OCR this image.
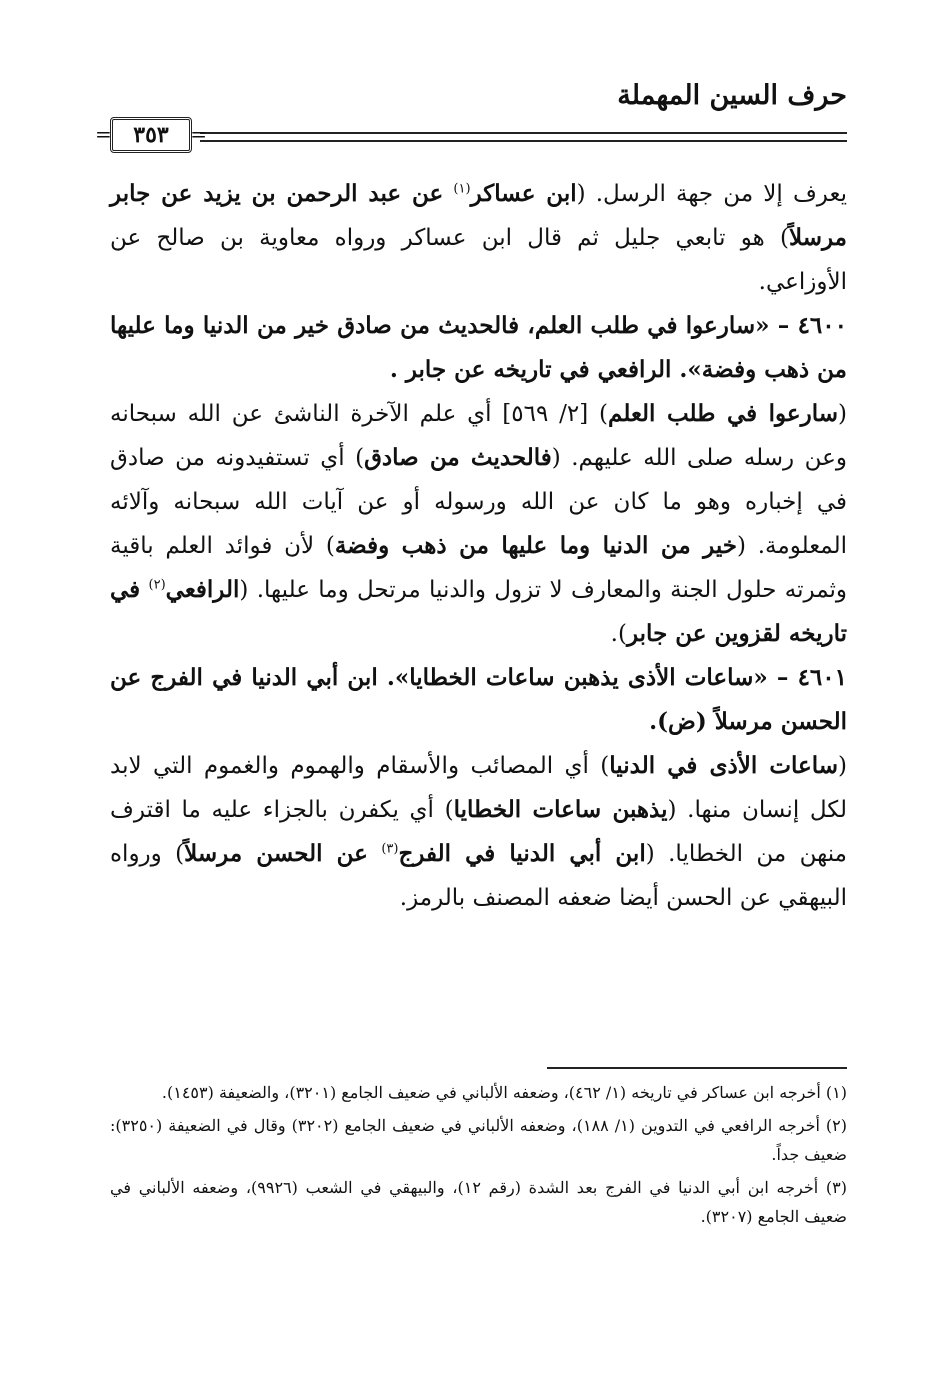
حرف السين المهملة
= ٣٥٣ =

يعرف إلا من جهة الرسل. (ابن عساكر$^{(١)}$ عن عبد الرحمن بن يزيد عن جابر مرسلاً) هو تابعي جليل ثم قال ابن عساكر ورواه معاوية بن صالح عن الأوزاعي.

٤٦٠٠ – «سارعوا في طلب العلم، فالحديث من صادق خير من الدنيا وما عليها من ذهب وفضة». الرافعي في تاريخه عن جابر .

(سارعوا في طلب العلم) [٢/ ٥٦٩] أي علم الآخرة الناشئ عن الله سبحانه وعن رسله صلى الله عليهم. (فالحديث من صادق) أي تستفيدونه من صادق في إخباره وهو ما كان عن الله ورسوله أو عن آيات الله سبحانه وآلائه المعلومة. (خير من الدنيا وما عليها من ذهب وفضة) لأن فوائد العلم باقية وثمرته حلول الجنة والمعارف لا تزول والدنيا مرتحل وما عليها. (الرافعي$^{(٢)}$ في تاريخه لقزوين عن جابر).

٤٦٠١ – «ساعات الأذى يذهبن ساعات الخطايا». ابن أبي الدنيا في الفرج عن الحسن مرسلاً (ض).

(ساعات الأذى في الدنيا) أي المصائب والأسقام والهموم والغموم التي لابد لكل إنسان منها. (يذهبن ساعات الخطايا) أي يكفرن بالجزاء عليه ما اقترف منهن من الخطايا. (ابن أبي الدنيا في الفرج$^{(٣)}$ عن الحسن مرسلاً) ورواه البيهقي عن الحسن أيضا ضعفه المصنف بالرمز.

(١) أخرجه ابن عساكر في تاريخه (١/ ٤٦٢)، وضعفه الألباني في ضعيف الجامع (٣٢٠١)، والضعيفة (١٤٥٣).

(٢) أخرجه الرافعي في التدوين (١/ ١٨٨)، وضعفه الألباني في ضعيف الجامع (٣٢٠٢) وقال في الضعيفة (٣٢٥٠): ضعيف جداً.

(٣) أخرجه ابن أبي الدنيا في الفرج بعد الشدة (رقم ١٢)، والبيهقي في الشعب (٩٩٢٦)، وضعفه الألباني في ضعيف الجامع (٣٢٠٧).
